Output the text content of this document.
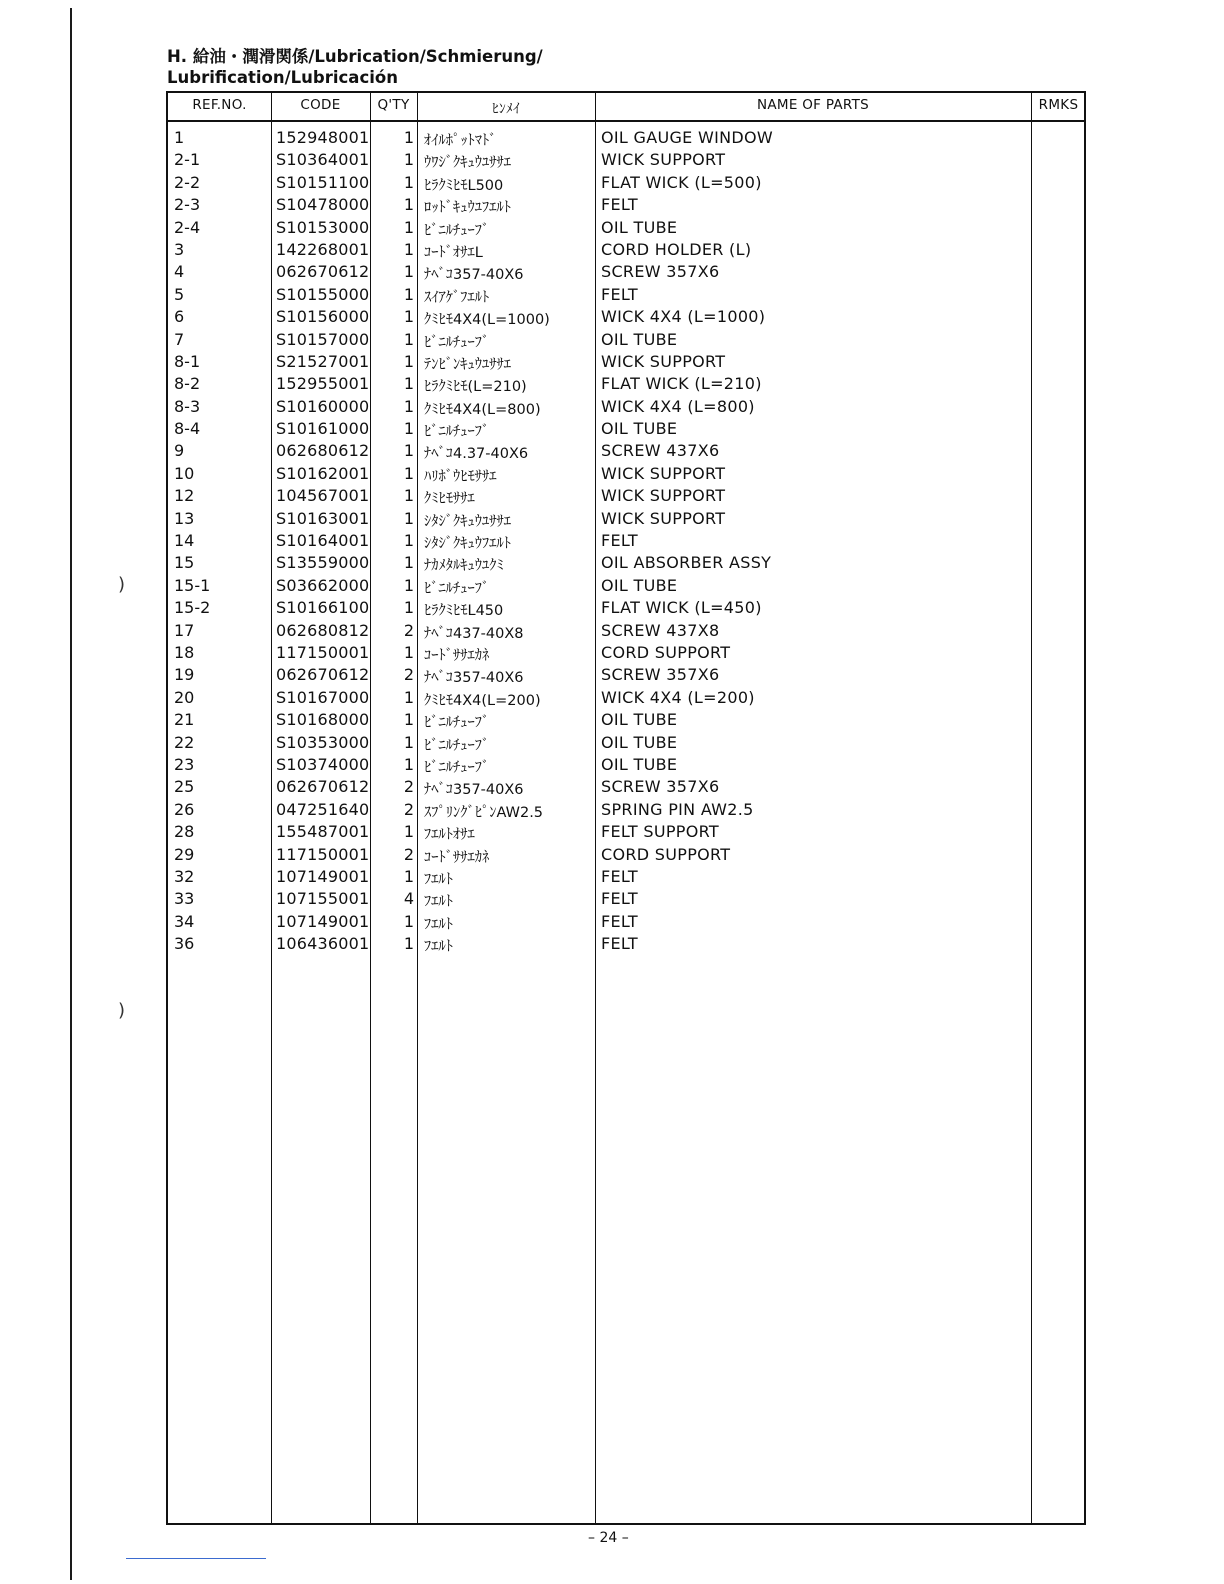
)
)
H. 給油・潤滑関係/Lubrication/Schmierung/
Lubrification/Lubricación
REF.NO.	CODE	Q'TY	ﾋﾝﾒｲ	NAME OF PARTS	RMKS
1	152948001	1 ｵｲﾙﾎﾟｯﾄﾏﾄﾞ	OIL GAUGE WINDOW
2-1	S10364001	1 ｳﾜｼﾞｸｷｭｳﾕｻｻｴ	WICK SUPPORT
2-2	S10151100	1 ﾋﾗｸﾐﾋﾓL500	FLAT WICK (L=500)
2-3	S10478000	1 ﾛｯﾄﾞｷｭｳﾕﾌｴﾙﾄ	FELT
2-4	S10153000	1 ﾋﾞﾆﾙﾁｭｰﾌﾞ	OIL TUBE
3	142268001	1 ｺｰﾄﾞｵｻｴL	CORD HOLDER (L)
4	062670612	1 ﾅﾍﾞｺ357-40X6	SCREW 357X6
5	S10155000	1 ｽｲｱｹﾞﾌｴﾙﾄ	FELT
6	S10156000	1 ｸﾐﾋﾓ4X4(L=1000)	WICK 4X4 (L=1000)
7	S10157000	1 ﾋﾞﾆﾙﾁｭｰﾌﾞ	OIL TUBE
8-1	S21527001	1 ﾃﾝﾋﾞﾝｷｭｳﾕｻｻｴ	WICK SUPPORT
8-2	152955001	1 ﾋﾗｸﾐﾋﾓ(L=210)	FLAT WICK (L=210)
8-3	S10160000	1 ｸﾐﾋﾓ4X4(L=800)	WICK 4X4 (L=800)
8-4	S10161000	1 ﾋﾞﾆﾙﾁｭｰﾌﾞ	OIL TUBE
9	062680612	1 ﾅﾍﾞｺ4.37-40X6	SCREW 437X6
10	S10162001	1 ﾊﾘﾎﾞｳﾋﾓｻｻｴ	WICK SUPPORT
12	104567001	1 ｸﾐﾋﾓｻｻｴ	WICK SUPPORT
13	S10163001	1 ｼﾀｼﾞｸｷｭｳﾕｻｻｴ	WICK SUPPORT
14	S10164001	1 ｼﾀｼﾞｸｷｭｳﾌｴﾙﾄ	FELT
15	S13559000	1 ﾅｶﾒﾀﾙｷｭｳﾕｸﾐ	OIL ABSORBER ASSY
15-1	S03662000	1 ﾋﾞﾆﾙﾁｭｰﾌﾞ	OIL TUBE
15-2	S10166100	1 ﾋﾗｸﾐﾋﾓL450	FLAT WICK (L=450)
17	062680812	2 ﾅﾍﾞｺ437-40X8	SCREW 437X8
18	117150001	1 ｺｰﾄﾞｻｻｴｶﾈ	CORD SUPPORT
19	062670612	2 ﾅﾍﾞｺ357-40X6	SCREW 357X6
20	S10167000	1 ｸﾐﾋﾓ4X4(L=200)	WICK 4X4 (L=200)
21	S10168000	1 ﾋﾞﾆﾙﾁｭｰﾌﾞ	OIL TUBE
22	S10353000	1 ﾋﾞﾆﾙﾁｭｰﾌﾞ	OIL TUBE
23	S10374000	1 ﾋﾞﾆﾙﾁｭｰﾌﾞ	OIL TUBE
25	062670612	2 ﾅﾍﾞｺ357-40X6	SCREW 357X6
26	047251640	2 ｽﾌﾟﾘﾝｸﾞﾋﾟﾝAW2.5	SPRING PIN AW2.5
28	155487001	1 ﾌｴﾙﾄｵｻｴ	FELT SUPPORT
29	117150001	2 ｺｰﾄﾞｻｻｴｶﾈ	CORD SUPPORT
32	107149001	1 ﾌｴﾙﾄ	FELT
33	107155001	4 ﾌｴﾙﾄ	FELT
34	107149001	1 ﾌｴﾙﾄ	FELT
36	106436001	1 ﾌｴﾙﾄ	FELT
– 24 –
